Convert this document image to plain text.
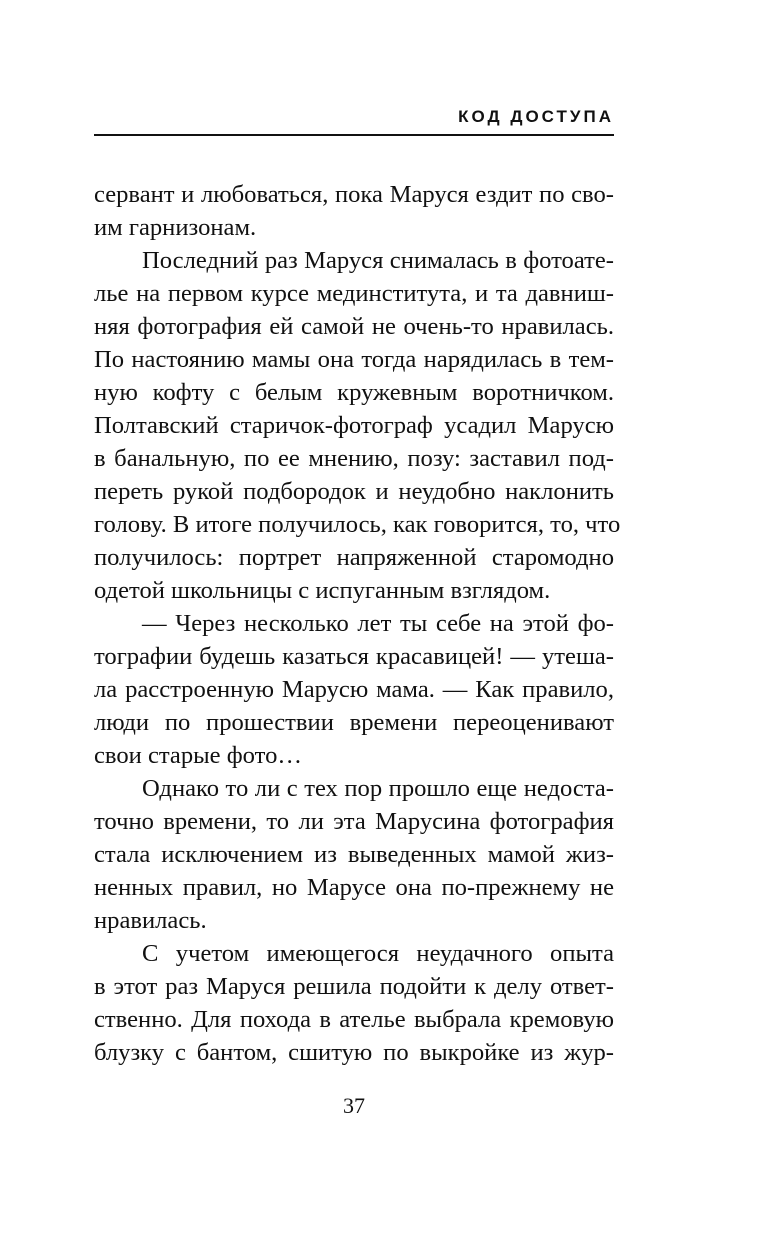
КОД ДОСТУПА
сервант и любоваться, пока Маруся ездит по сво-
им гарнизонам.
Последний раз Маруся снималась в фотоате-
лье на первом курсе мединститута, и та давниш-
няя фотография ей самой не очень-то нравилась.
По настоянию мамы она тогда нарядилась в тем-
ную кофту с белым кружевным воротничком.
Полтавский старичок-фотограф усадил Марусю
в банальную, по ее мнению, позу: заставил под-
переть рукой подбородок и неудобно наклонить
голову. В итоге получилось, как говорится, то, что
получилось: портрет напряженной старомодно
одетой школьницы с испуганным взглядом.
— Через несколько лет ты себе на этой фо-
тографии будешь казаться красавицей! — утеша-
ла расстроенную Марусю мама. — Как правило,
люди по прошествии времени переоценивают
свои старые фото…
Однако то ли с тех пор прошло еще недоста-
точно времени, то ли эта Марусина фотография
стала исключением из выведенных мамой жиз-
ненных правил, но Марусе она по-прежнему не
нравилась.
С учетом имеющегося неудачного опыта
в этот раз Маруся решила подойти к делу ответ-
ственно. Для похода в ателье выбрала кремовую
блузку с бантом, сшитую по выкройке из жур-
37
